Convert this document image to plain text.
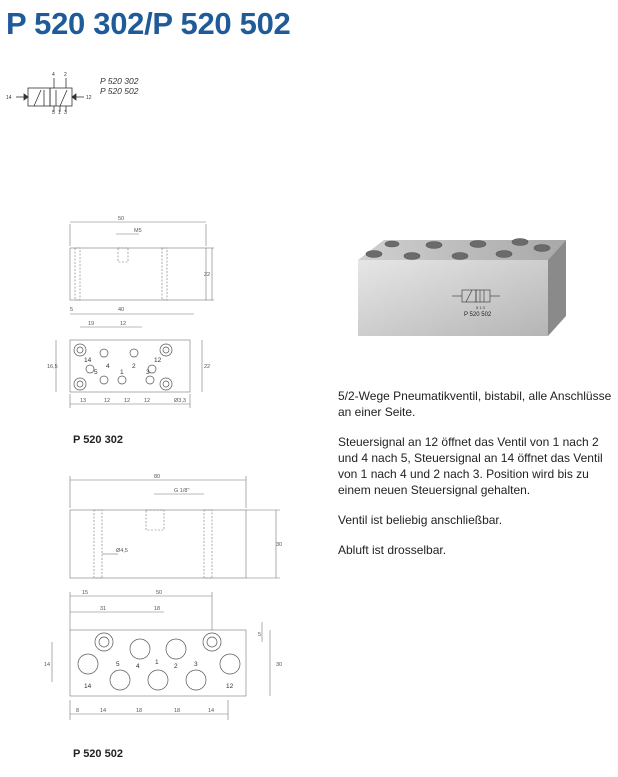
P 520 302/P 520 502
4 2
5 1 3
14	12
P 520 302
P 520 502
50
M5
22
5	40
19	12
16,5	22
13	12	12	12	Ø3,3
14
4	2
12
5	1	3
P 520 302
5 1 3
P 520 502

5/2-Wege Pneumatikventil, bistabil, alle Anschlüsse an einer Seite.

Steuersignal an 12 öffnet das Ventil von 1 nach 2 und 4 nach 5, Steuersignal an 14 öffnet das Ventil von 1 nach 4 und 2 nach 3. Position wird bis zu einem neuen Steuersignal gehalten.

Ventil ist beliebig anschließbar.

Abluft ist drosselbar.

80
G 1/8"
30
Ø4,5
15	50
31	18
5
30
14
8	14	18	18	14
5	4
1
2	3
14	12
P 520 502
